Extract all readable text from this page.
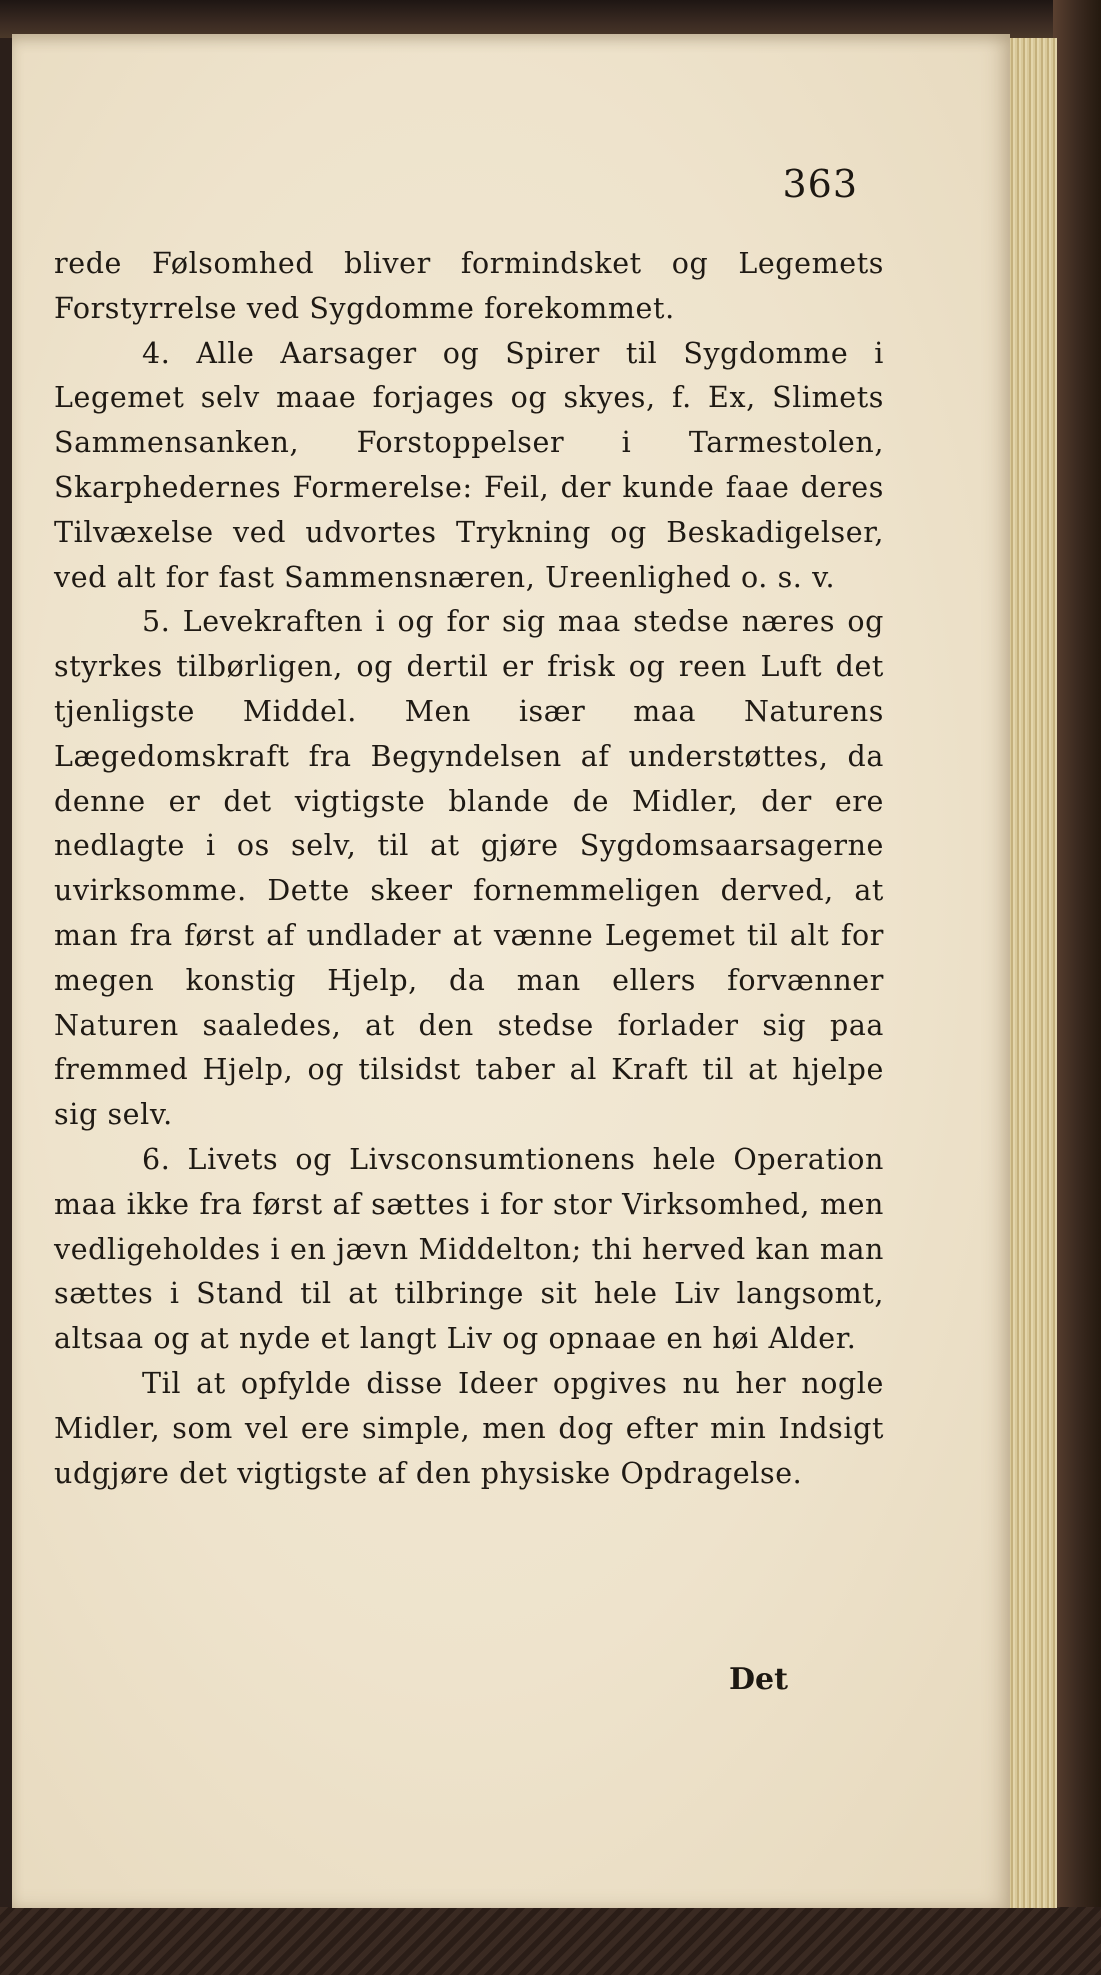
363

rede Følsomhed bliver formindsket og Legemets Forstyrrelse ved Sygdomme forekommet.

4. Alle Aarsager og Spirer til Sygdomme i Legemet selv maae forjages og skyes, f. Ex, Slimets Sammensanken, Forstoppelser i Tarmestolen, Skarphedernes Formerelse: Feil, der kunde faae deres Tilvæxelse ved udvortes Trykning og Beskadigelser, ved alt for fast Sammensnæren, Ureenlighed o. s. v.

5. Levekraften i og for sig maa stedse næres og styrkes tilbørligen, og dertil er frisk og reen Luft det tjenligste Middel. Men især maa Naturens Lægedomskraft fra Begyndelsen af understøttes, da denne er det vigtigste blande de Midler, der ere nedlagte i os selv, til at gjøre Sygdomsaarsagerne uvirksomme. Dette skeer fornemmeligen derved, at man fra først af undlader at vænne Legemet til alt for megen konstig Hjelp, da man ellers forvænner Naturen saaledes, at den stedse forlader sig paa fremmed Hjelp, og tilsidst taber al Kraft til at hjelpe sig selv.

6. Livets og Livsconsumtionens hele Operation maa ikke fra først af sættes i for stor Virksomhed, men vedligeholdes i en jævn Middelton; thi herved kan man sættes i Stand til at tilbringe sit hele Liv langsomt, altsaa og at nyde et langt Liv og opnaae en høi Alder.

Til at opfylde disse Ideer opgives nu her nogle Midler, som vel ere simple, men dog efter min Indsigt udgjøre det vigtigste af den physiske Opdragelse.

Det
